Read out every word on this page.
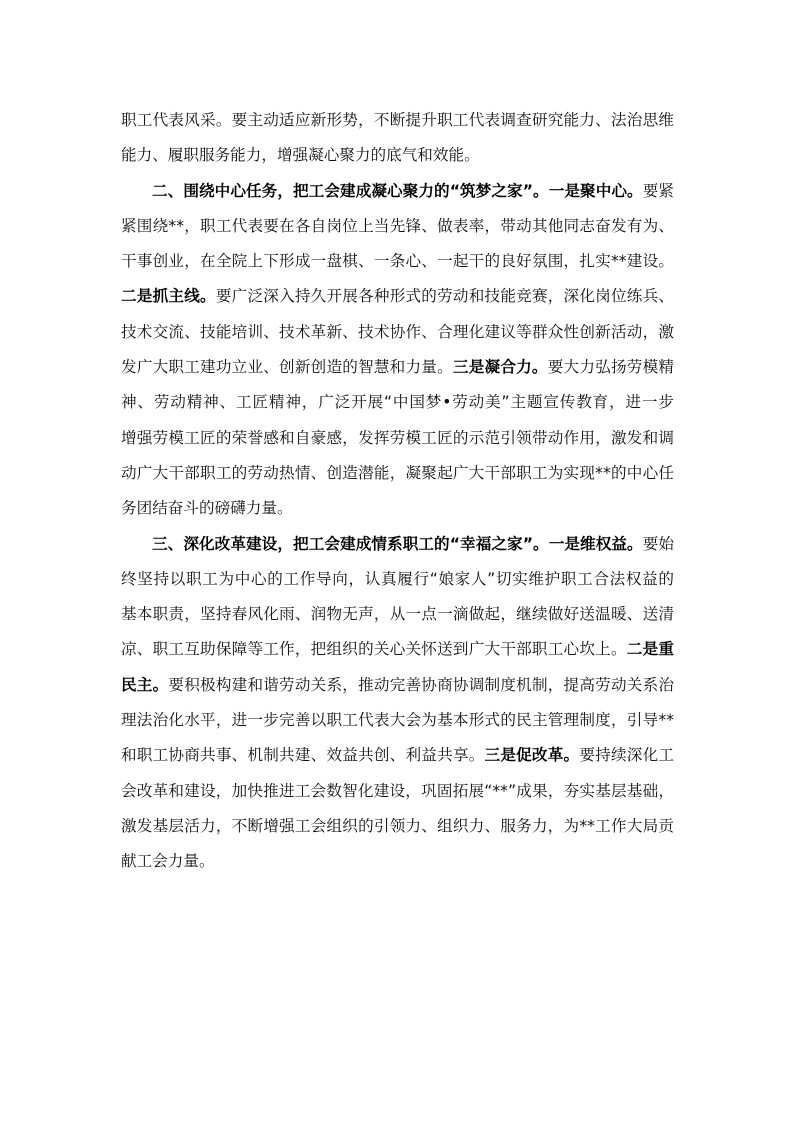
职工代表风采。要主动适应新形势，不断提升职工代表调查研究能力、法治思维
能力、履职服务能力，增强凝心聚力的底气和效能。
二、围绕中心任务，把工会建成凝心聚力的“筑梦之家”。一是聚中心。要紧
紧围绕**，职工代表要在各自岗位上当先锋、做表率，带动其他同志奋发有为、
干事创业，在全院上下形成一盘棋、一条心、一起干的良好氛围，扎实**建设。
二是抓主线。要广泛深入持久开展各种形式的劳动和技能竞赛，深化岗位练兵、
技术交流、技能培训、技术革新、技术协作、合理化建议等群众性创新活动，激
发广大职工建功立业、创新创造的智慧和力量。三是凝合力。要大力弘扬劳模精
神、劳动精神、工匠精神，广泛开展“中国梦•劳动美”主题宣传教育，进一步
增强劳模工匠的荣誉感和自豪感，发挥劳模工匠的示范引领带动作用，激发和调
动广大干部职工的劳动热情、创造潜能，凝聚起广大干部职工为实现**的中心任
务团结奋斗的磅礴力量。
三、深化改革建设，把工会建成情系职工的“幸福之家”。一是维权益。要始
终坚持以职工为中心的工作导向，认真履行“娘家人”切实维护职工合法权益的
基本职责，坚持春风化雨、润物无声，从一点一滴做起，继续做好送温暖、送清
凉、职工互助保障等工作，把组织的关心关怀送到广大干部职工心坎上。二是重
民主。要积极构建和谐劳动关系，推动完善协商协调制度机制，提高劳动关系治
理法治化水平，进一步完善以职工代表大会为基本形式的民主管理制度，引导**
和职工协商共事、机制共建、效益共创、利益共享。三是促改革。要持续深化工
会改革和建设，加快推进工会数智化建设，巩固拓展“**”成果，夯实基层基础，
激发基层活力，不断增强工会组织的引领力、组织力、服务力，为**工作大局贡
献工会力量。
